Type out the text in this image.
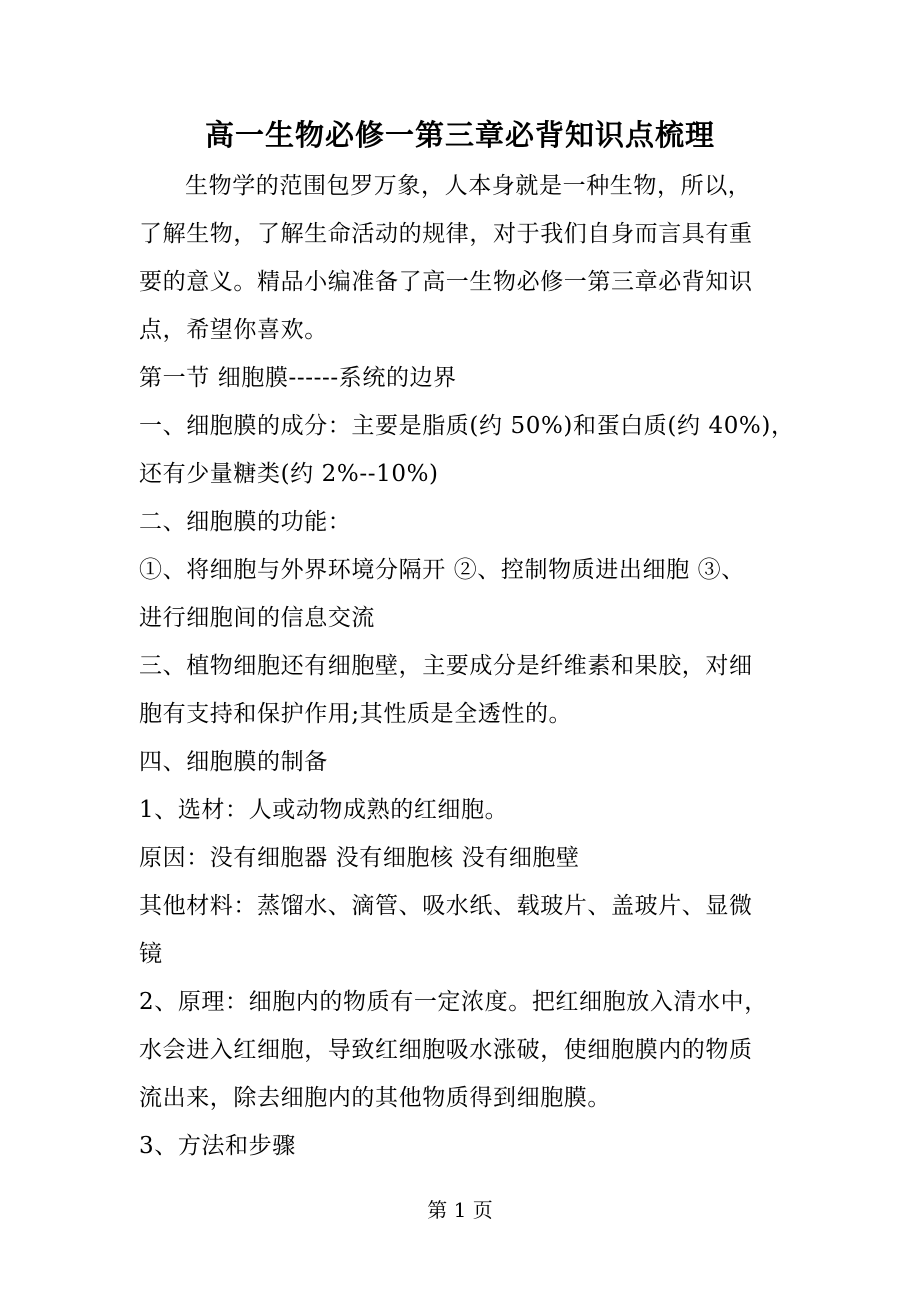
高一生物必修一第三章必背知识点梳理

生物学的范围包罗万象，人本身就是一种生物，所以，

了解生物，了解生命活动的规律，对于我们自身而言具有重

要的意义。精品小编准备了高一生物必修一第三章必背知识

点，希望你喜欢。

第一节 细胞膜------系统的边界

一、细胞膜的成分：主要是脂质(约 50%)和蛋白质(约 40%)，

还有少量糖类(约 2%--10%)

二、细胞膜的功能：

①、将细胞与外界环境分隔开 ②、控制物质进出细胞 ③、

进行细胞间的信息交流

三、植物细胞还有细胞壁，主要成分是纤维素和果胶，对细

胞有支持和保护作用;其性质是全透性的。

四、细胞膜的制备

1、选材：人或动物成熟的红细胞。

原因：没有细胞器 没有细胞核 没有细胞壁

其他材料：蒸馏水、滴管、吸水纸、载玻片、盖玻片、显微

镜

2、原理：细胞内的物质有一定浓度。把红细胞放入清水中，

水会进入红细胞，导致红细胞吸水涨破，使细胞膜内的物质

流出来，除去细胞内的其他物质得到细胞膜。

3、方法和步骤

第 1 页
